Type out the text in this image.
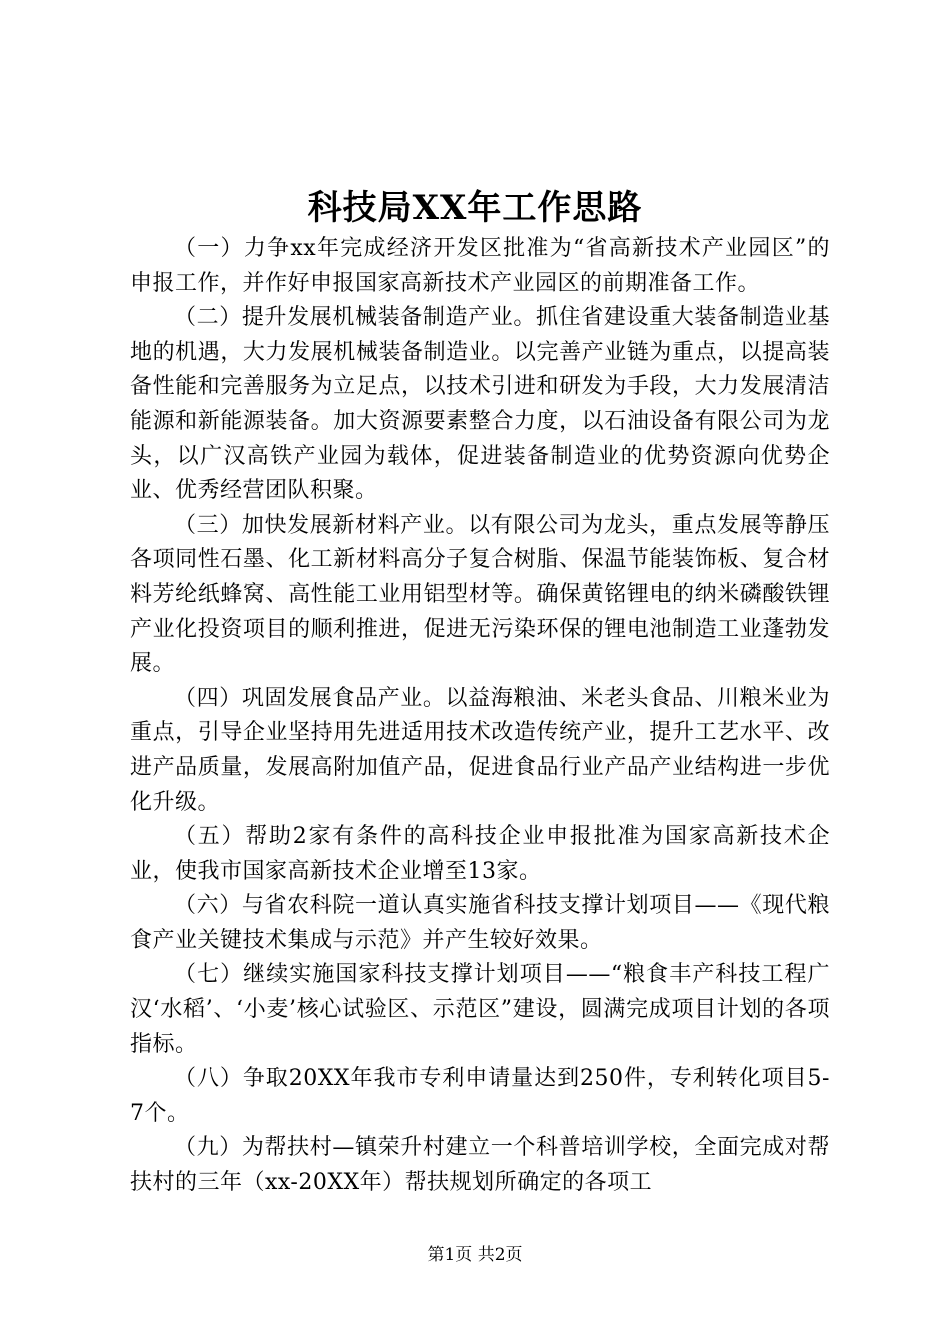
科技局XX年工作思路

（一）力争xx年完成经济开发区批准为“省高新技术产业园区”的申报工作，并作好申报国家高新技术产业园区的前期准备工作。

（二）提升发展机械装备制造产业。抓住省建设重大装备制造业基地的机遇，大力发展机械装备制造业。以完善产业链为重点，以提高装备性能和完善服务为立足点，以技术引进和研发为手段，大力发展清洁能源和新能源装备。加大资源要素整合力度，以石油设备有限公司为龙头，以广汉高铁产业园为载体，促进装备制造业的优势资源向优势企业、优秀经营团队积聚。

（三）加快发展新材料产业。以有限公司为龙头，重点发展等静压各项同性石墨、化工新材料高分子复合树脂、保温节能装饰板、复合材料芳纶纸蜂窝、高性能工业用铝型材等。确保黄铭锂电的纳米磷酸铁锂产业化投资项目的顺利推进，促进无污染环保的锂电池制造工业蓬勃发展。

（四）巩固发展食品产业。以益海粮油、米老头食品、川粮米业为重点，引导企业坚持用先进适用技术改造传统产业，提升工艺水平、改进产品质量，发展高附加值产品，促进食品行业产品产业结构进一步优化升级。

（五）帮助2家有条件的高科技企业申报批准为国家高新技术企业，使我市国家高新技术企业增至13家。

（六）与省农科院一道认真实施省科技支撑计划项目——《现代粮食产业关键技术集成与示范》并产生较好效果。

（七）继续实施国家科技支撑计划项目——“粮食丰产科技工程广汉‘水稻’、‘小麦’核心试验区、示范区”建设，圆满完成项目计划的各项指标。

（八）争取20XX年我市专利申请量达到250件，专利转化项目5-7个。

（九）为帮扶村—镇荣升村建立一个科普培训学校，全面完成对帮扶村的三年（xx-20XX年）帮扶规划所确定的各项工

第1页 共2页
